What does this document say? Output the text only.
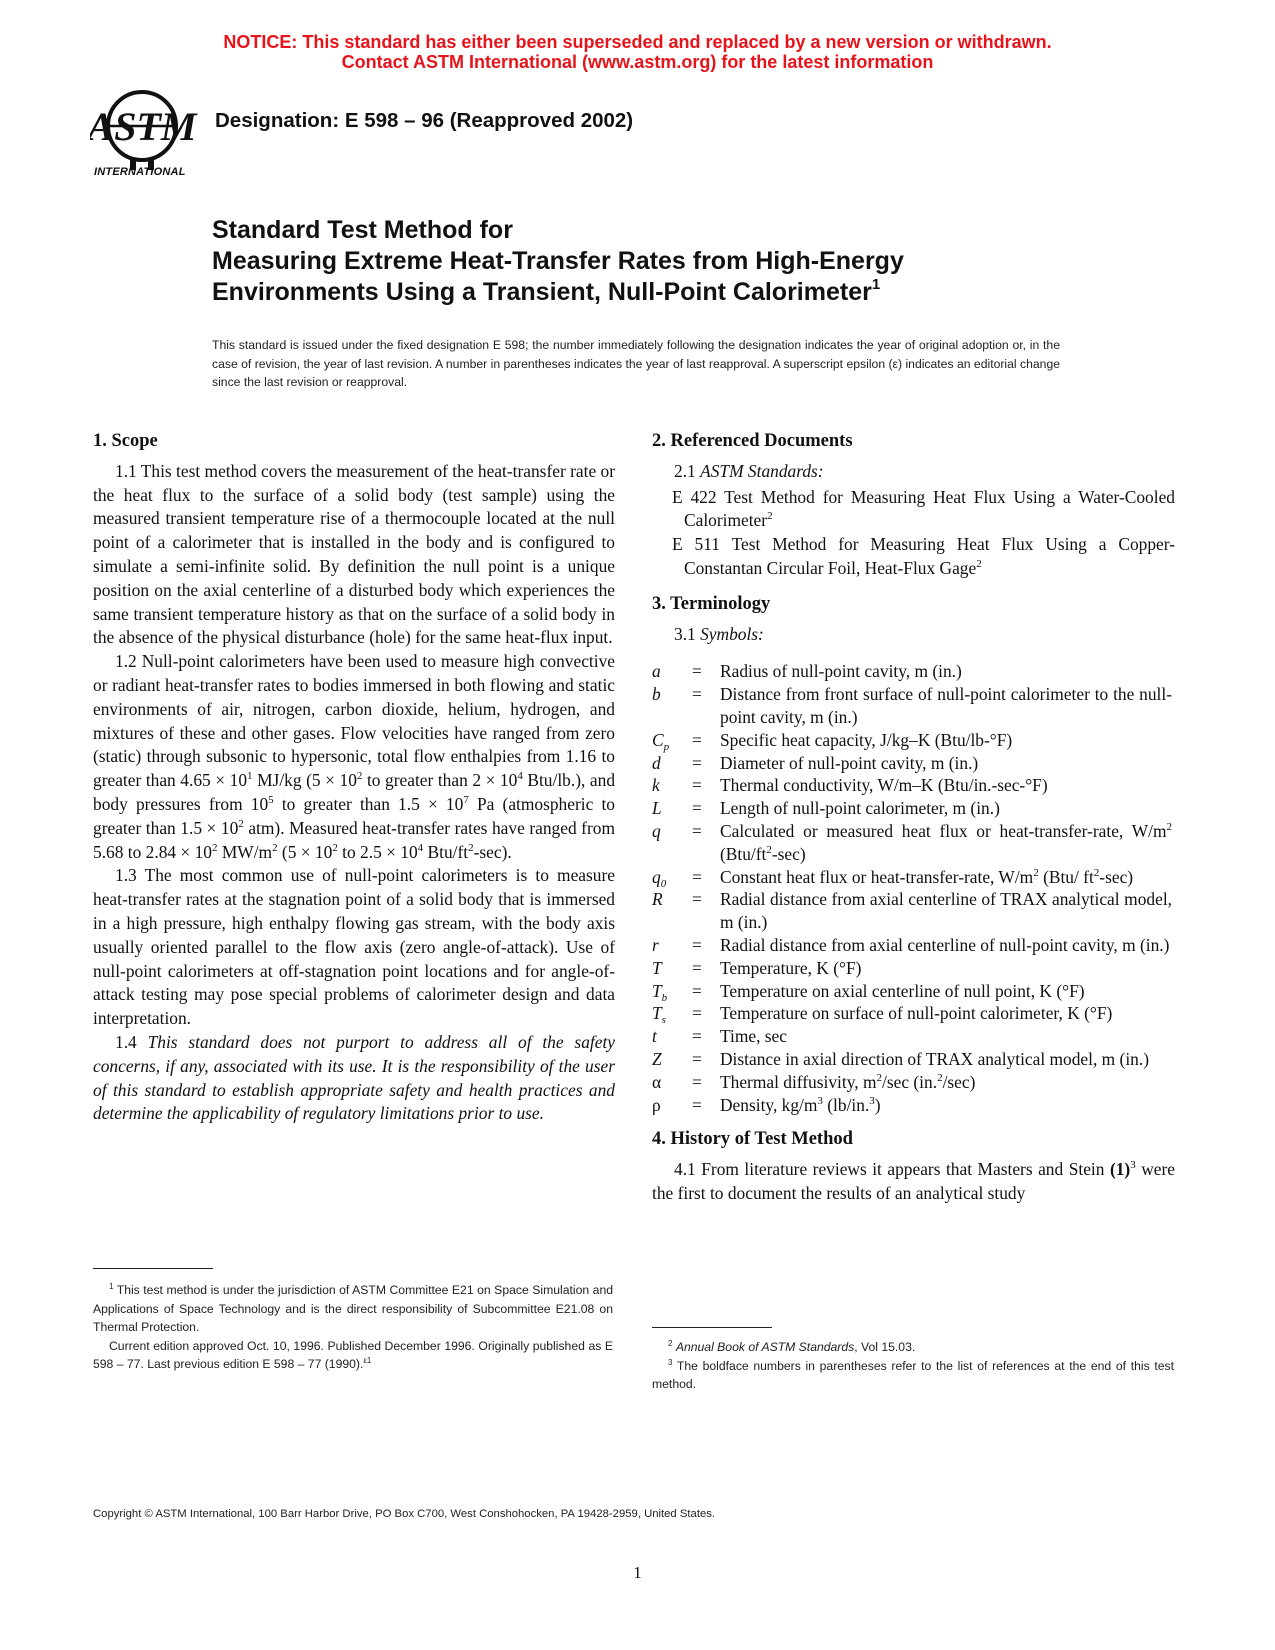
NOTICE: This standard has either been superseded and replaced by a new version or withdrawn.
Contact ASTM International (www.astm.org) for the latest information
ASTM
INTERNATIONAL
Designation: E 598 – 96 (Reapproved 2002)
Standard Test Method for
Measuring Extreme Heat-Transfer Rates from High-Energy
Environments Using a Transient, Null-Point Calorimeter$^1$
This standard is issued under the fixed designation E 598; the number immediately following the designation indicates the year of original adoption or, in the case of revision, the year of last revision. A number in parentheses indicates the year of last reapproval. A superscript epsilon (ε) indicates an editorial change since the last revision or reapproval.
1. Scope

1.1 This test method covers the measurement of the heat-transfer rate or the heat flux to the surface of a solid body (test sample) using the measured transient temperature rise of a thermocouple located at the null point of a calorimeter that is installed in the body and is configured to simulate a semi-infinite solid. By definition the null point is a unique position on the axial centerline of a disturbed body which experiences the same transient temperature history as that on the surface of a solid body in the absence of the physical disturbance (hole) for the same heat-flux input.

1.2 Null-point calorimeters have been used to measure high convective or radiant heat-transfer rates to bodies immersed in both flowing and static environments of air, nitrogen, carbon dioxide, helium, hydrogen, and mixtures of these and other gases. Flow velocities have ranged from zero (static) through subsonic to hypersonic, total flow enthalpies from 1.16 to greater than $4.65 \times 10^1$ MJ/kg ($5 \times 10^2$ to greater than $2 \times 10^4$ Btu/lb.), and body pressures from $10^5$ to greater than $1.5 \times 10^7$ Pa (atmospheric to greater than $1.5 \times 10^2$ atm). Measured heat-transfer rates have ranged from 5.68 to $2.84 \times 10^2$ $MW/m^2$ ($5 \times 10^2$ to $2.5 \times 10^4$ Btu/$ft^2-\sec$).

1.3 The most common use of null-point calorimeters is to measure heat-transfer rates at the stagnation point of a solid body that is immersed in a high pressure, high enthalpy flowing gas stream, with the body axis usually oriented parallel to the flow axis (zero angle-of-attack). Use of null-point calorimeters at off-stagnation point locations and for angle-of-attack testing may pose special problems of calorimeter design and data interpretation.

1.4 This standard does not purport to address all of the safety concerns, if any, associated with its use. It is the responsibility of the user of this standard to establish appropriate safety and health practices and determine the applicability of regulatory limitations prior to use.

$^1$ This test method is under the jurisdiction of ASTM Committee E21 on Space Simulation and Applications of Space Technology and is the direct responsibility of Subcommittee E21.08 on Thermal Protection.

Current edition approved Oct. 10, 1996. Published December 1996. Originally published as E 598 – 77. Last previous edition E 598 – 77 (1990).$^{\varepsilon 1}$

2. Referenced Documents

2.1 ASTM Standards:

E 422 Test Method for Measuring Heat Flux Using a Water-Cooled Calorimeter$^2$

E 511 Test Method for Measuring Heat Flux Using a Copper-Constantan Circular Foil, Heat-Flux Gage$^2$

3. Terminology

3.1 Symbols:

a	=	Radius of null-point cavity, m (in.)
b	=	Distance from front surface of null-point calorimeter to the null-point cavity, m (in.)
$C_p$	=	Specific heat capacity, J/kg–K (Btu/lb-°F)
d	=	Diameter of null-point cavity, m (in.)
k	=	Thermal conductivity, W/m–K (Btu/in.-sec-°F)
L	=	Length of null-point calorimeter, m (in.)
q	=	Calculated or measured heat flux or heat-transfer-rate, $W/m^2$ $(Btu/ft^2-\sec)$
$q_0$	=	Constant heat flux or heat-transfer-rate, $W/m^2$ (Btu/ $ft^2-\sec$)
R	=	Radial distance from axial centerline of TRAX analytical model, m (in.)
r	=	Radial distance from axial centerline of null-point cavity, m (in.)
T	=	Temperature, K (°F)
$T_b$	=	Temperature on axial centerline of null point, K (°F)
$T_s$	=	Temperature on surface of null-point calorimeter, K (°F)
t	=	Time, sec
Z	=	Distance in axial direction of TRAX analytical model, m (in.)
α	=	Thermal diffusivity, $m^2/\sec$ (in.$^2$/sec)
ρ	=	Density, $kg/m^3$ (lb/in.$^3$)
4. History of Test Method

4.1 From literature reviews it appears that Masters and Stein $(1)^3$ were the first to document the results of an analytical study

$^2$ Annual Book of ASTM Standards, Vol 15.03.

$^3$ The boldface numbers in parentheses refer to the list of references at the end of this test method.

Copyright © ASTM International, 100 Barr Harbor Drive, PO Box C700, West Conshohocken, PA 19428-2959, United States.
1
